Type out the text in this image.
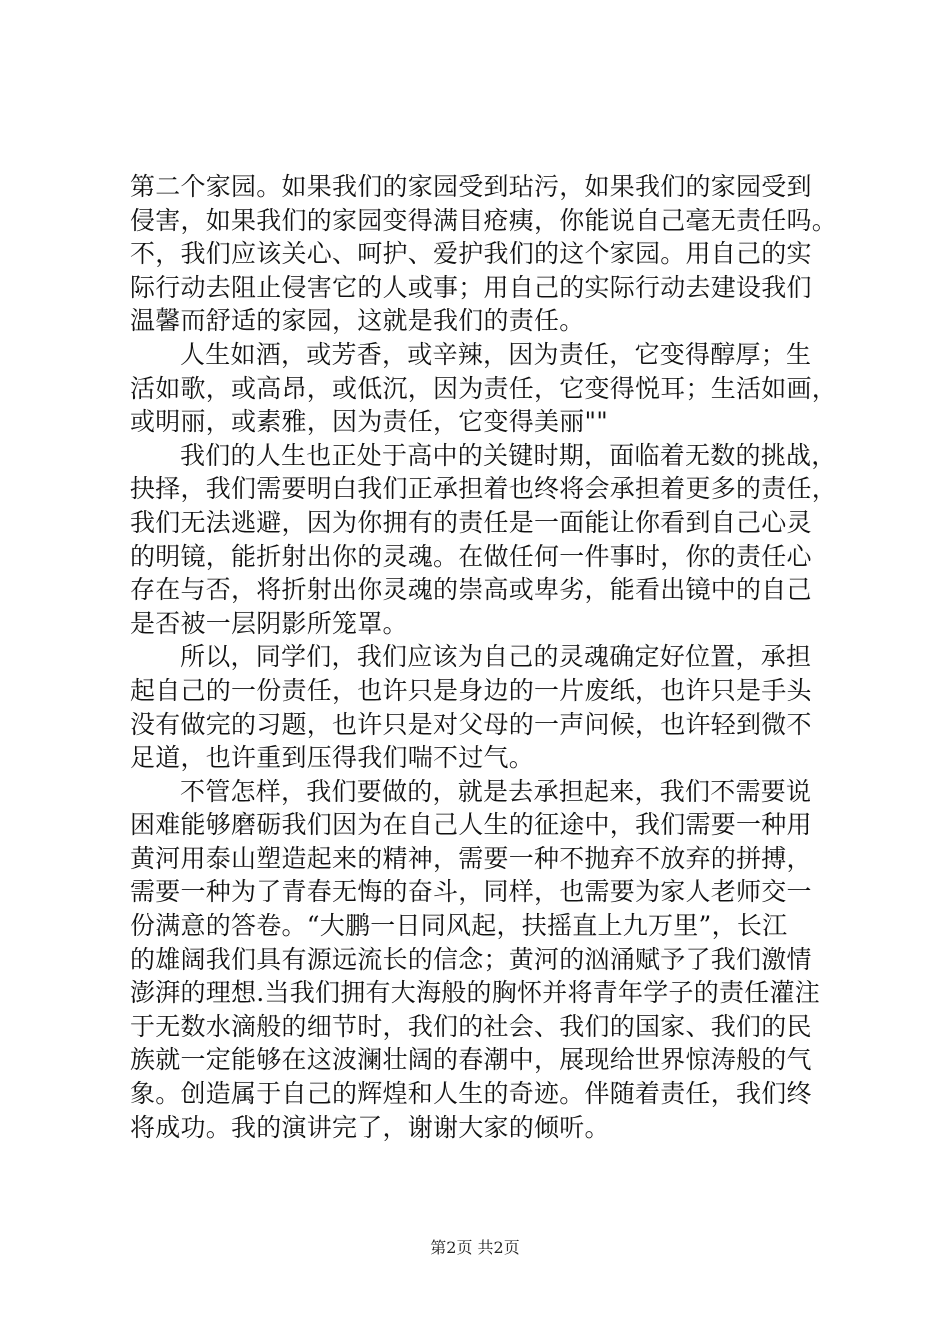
第二个家园。如果我们的家园受到玷污，如果我们的家园受到
侵害，如果我们的家园变得满目疮痍，你能说自己毫无责任吗。
不，我们应该关心、呵护、爱护我们的这个家园。用自己的实
际行动去阻止侵害它的人或事；用自己的实际行动去建设我们
温馨而舒适的家园，这就是我们的责任。
人生如酒，或芳香，或辛辣，因为责任，它变得醇厚；生
活如歌，或高昂，或低沉，因为责任，它变得悦耳；生活如画，
或明丽，或素雅，因为责任，它变得美丽""
我们的人生也正处于高中的关键时期，面临着无数的挑战，
抉择，我们需要明白我们正承担着也终将会承担着更多的责任，
我们无法逃避，因为你拥有的责任是一面能让你看到自己心灵
的明镜，能折射出你的灵魂。在做任何一件事时，你的责任心
存在与否，将折射出你灵魂的崇高或卑劣，能看出镜中的自己
是否被一层阴影所笼罩。
所以，同学们，我们应该为自己的灵魂确定好位置，承担
起自己的一份责任，也许只是身边的一片废纸，也许只是手头
没有做完的习题，也许只是对父母的一声问候，也许轻到微不
足道，也许重到压得我们喘不过气。
不管怎样，我们要做的，就是去承担起来，我们不需要说
困难能够磨砺我们因为在自己人生的征途中，我们需要一种用
黄河用泰山塑造起来的精神，需要一种不抛弃不放弃的拼搏，
需要一种为了青春无悔的奋斗，同样，也需要为家人老师交一
份满意的答卷。“大鹏一日同风起，扶摇直上九万里”，长江
的雄阔我们具有源远流长的信念；黄河的汹涌赋予了我们激情
澎湃的理想.当我们拥有大海般的胸怀并将青年学子的责任灌注
于无数水滴般的细节时，我们的社会、我们的国家、我们的民
族就一定能够在这波澜壮阔的春潮中，展现给世界惊涛般的气
象。创造属于自己的辉煌和人生的奇迹。伴随着责任，我们终
将成功。我的演讲完了，谢谢大家的倾听。
第2页 共2页
